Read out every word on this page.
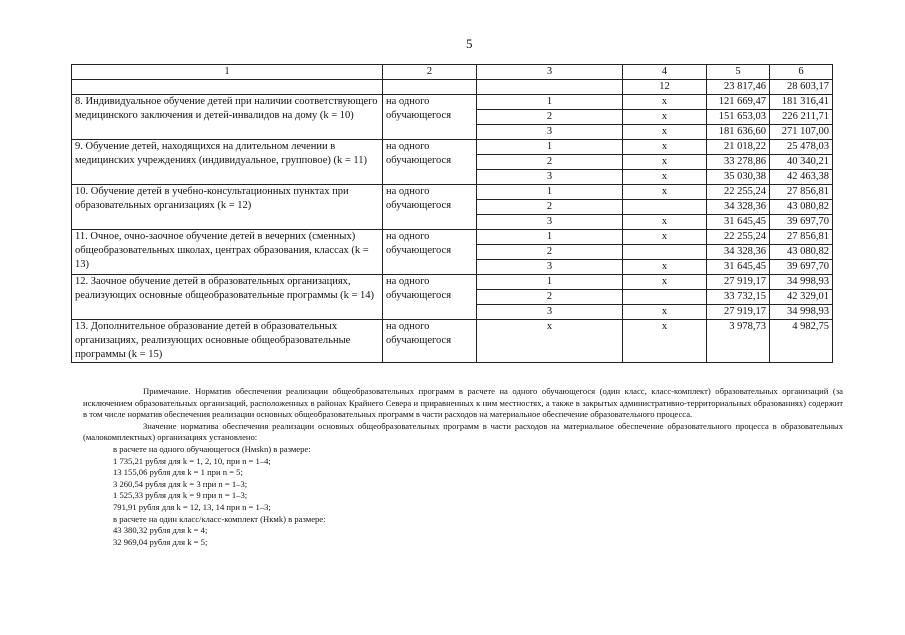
5
1	2	3	4	5	6
			12	23 817,46	28 603,17
8. Индивидуальное обучение детей при наличии соответствующего медицинского заключения и детей-инвалидов на дому (k = 10)	на одного обучающегося	1	x	121 669,47	181 316,41
		2	x	151 653,03	226 211,71
		3	x	181 636,60	271 107,00
9. Обучение детей, находящихся на длительном лечении в медицинских учреждениях (индивидуальное, групповое) (k = 11)	на одного обучающегося	1	x	21 018,22	25 478,03
		2	x	33 278,86	40 340,21
		3	x	35 030,38	42 463,38
10. Обучение детей в учебно-консультационных пунктах при образовательных организациях (k = 12)	на одного обучающегося	1	x	22 255,24	27 856,81
		2		34 328,36	43 080,82
		3	x	31 645,45	39 697,70
11. Очное, очно-заочное обучение детей в вечерних (сменных) общеобразовательных школах, центрах образования, классах (k = 13)	на одного обучающегося	1	x	22 255,24	27 856,81
		2		34 328,36	43 080,82
		3	x	31 645,45	39 697,70
12. Заочное обучение детей в образовательных организациях, реализующих основные общеобразовательные программы (k = 14)	на одного обучающегося	1	x	27 919,17	34 998,93
		2		33 732,15	42 329,01
		3	x	27 919,17	34 998,93
13. Дополнительное образование детей в образовательных организациях, реализующих основные общеобразовательные программы (k = 15)	на одного обучающегося	x	x	3 978,73	4 982,75

Примечание. Норматив обеспечения реализации общеобразовательных программ в расчете на одного обучающегося (один класс, класс-комплект) образовательных организаций (за исключением образовательных организаций, расположенных в районах Крайнего Севера и приравненных к ним местностях, а также в закрытых административно-территориальных образованиях) содержит в том числе норматив обеспечения реализации основных общеобразовательных программ в части расходов на материальное обеспечение образовательного процесса.

Значение норматива обеспечения реализации основных общеобразовательных программ в части расходов на материальное обеспечение образовательного процесса в образовательных (малокомплектных) организациях установлено:

в расчете на одного обучающегося (Нмskn) в размере:

1 735,21 рубля для k = 1, 2, 10, при n = 1–4;

13 155,06 рубля для k = 1 при n = 5;

3 260,54 рубля для k = 3 при n = 1–3;

1 525,33 рубля для k = 9 при n = 1–3;

791,91 рубля для k = 12, 13, 14 при n = 1–3;

в расчете на один класс/класс-комплект (Нкмk) в размере:

43 380,32 рубля для k = 4;

32 969,04 рубля для k = 5;
